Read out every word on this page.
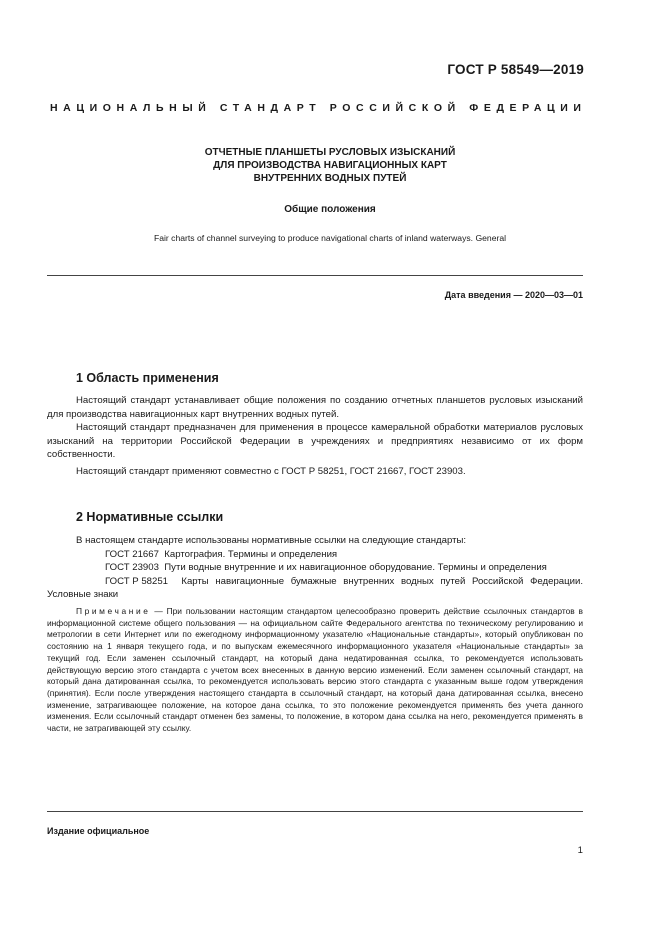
ГОСТ Р 58549—2019
НАЦИОНАЛЬНЫЙ СТАНДАРТ РОССИЙСКОЙ ФЕДЕРАЦИИ
ОТЧЕТНЫЕ ПЛАНШЕТЫ РУСЛОВЫХ ИЗЫСКАНИЙ
ДЛЯ ПРОИЗВОДСТВА НАВИГАЦИОННЫХ КАРТ
ВНУТРЕННИХ ВОДНЫХ ПУТЕЙ
Общие положения
Fair charts of channel surveying to produce navigational charts of inland waterways. General
Дата введения — 2020—03—01
1 Область применения

Настоящий стандарт устанавливает общие положения по созданию отчетных планшетов русловых изысканий для производства навигационных карт внутренних водных путей.

Настоящий стандарт предназначен для применения в процессе камеральной обработки материалов русловых изысканий на территории Российской Федерации в учреждениях и предприятиях независимо от их форм собственности.

Настоящий стандарт применяют совместно с ГОСТ Р 58251, ГОСТ 21667, ГОСТ 23903.
2 Нормативные ссылки

В настоящем стандарте использованы нормативные ссылки на следующие стандарты:

ГОСТ 21667 Картография. Термины и определения

ГОСТ 23903 Пути водные внутренние и их навигационное оборудование. Термины и определения

ГОСТ Р 58251 Карты навигационные бумажные внутренних водных путей Российской Федерации. Условные знаки

Примечание — При пользовании настоящим стандартом целесообразно проверить действие ссылочных стандартов в информационной системе общего пользования — на официальном сайте Федерального агентства по техническому регулированию и метрологии в сети Интернет или по ежегодному информационному указателю «Национальные стандарты», который опубликован по состоянию на 1 января текущего года, и по выпускам ежемесячного информационного указателя «Национальные стандарты» за текущий год. Если заменен ссылочный стандарт, на который дана недатированная ссылка, то рекомендуется использовать действующую версию этого стандарта с учетом всех внесенных в данную версию изменений. Если заменен ссылочный стандарт, на который дана датированная ссылка, то рекомендуется использовать версию этого стандарта с указанным выше годом утверждения (принятия). Если после утверждения настоящего стандарта в ссылочный стандарт, на который дана датированная ссылка, внесено изменение, затрагивающее положение, на которое дана ссылка, то это положение рекомендуется применять без учета данного изменения. Если ссылочный стандарт отменен без замены, то положение, в котором дана ссылка на него, рекомендуется применять в части, не затрагивающей эту ссылку.

Издание официальное
1
